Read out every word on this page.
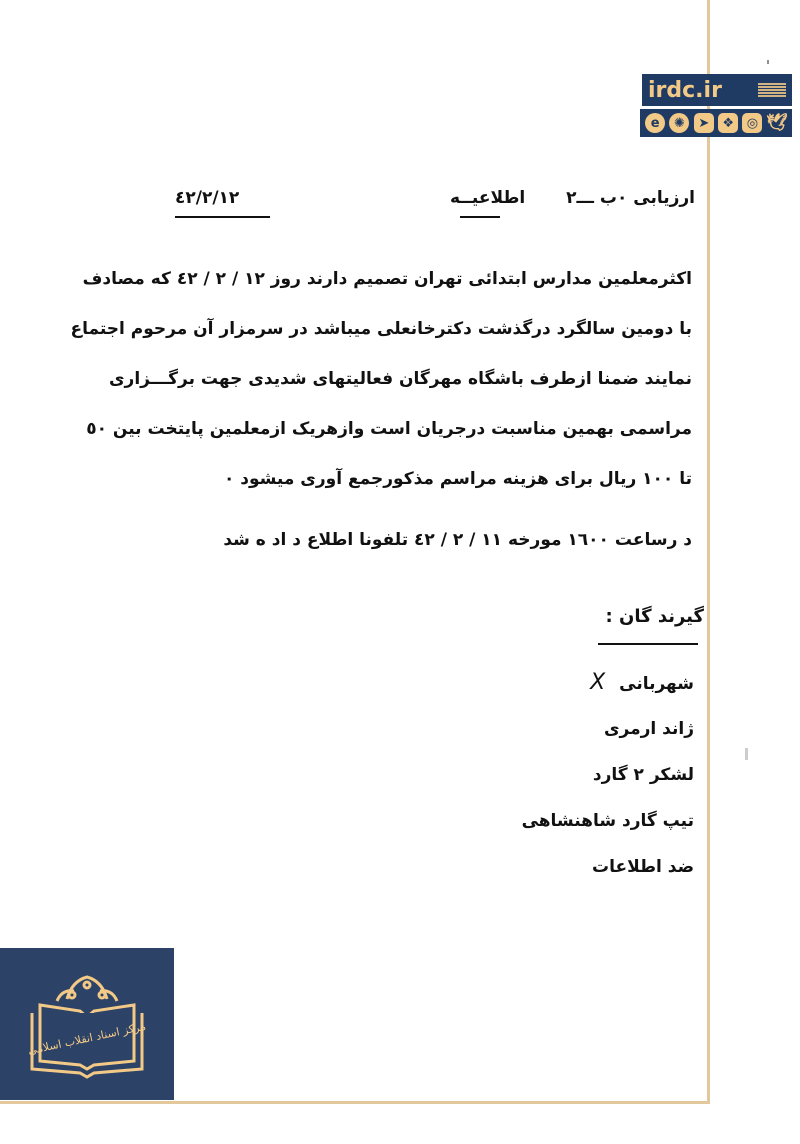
irdc.ir
e	✺	➤	❖ ◎ 🕊
ارزیابی ۰ب ـــ۲
اطلاعیــه
٤٢/٢/١٢
اکثرمعلمین مدارس ابتدائی تهران تصمیم دارند روز ١٢ / ٢ / ٤٢ که مصادف
با دومین سالگرد درگذشت دکترخانعلی میباشد در سرمزار آن مرحوم اجتماع
نمایند ضمنا ازطرف باشگاه مهرگان فعالیتهای شدیدی جهت برگـــزاری
مراسمی بهمین مناسبت درجریان است وازهریک ازمعلمین پایتخت بین ٥٠
تا ١٠٠ ریال برای هزینه مراسم مذکورجمع آوری میشود ٠
د رساعت ١٦٠٠ مورخه ١١ / ٢ / ٤٢ تلفونا اطلاع د اد ه شد
گیرند گان :
شهربانی X
ژاند ارمری
لشکر ۲ گارد
تیپ گارد شاهنشاهی
ضد اطلاعات
مرکز اسناد انقلاب اسلامی
